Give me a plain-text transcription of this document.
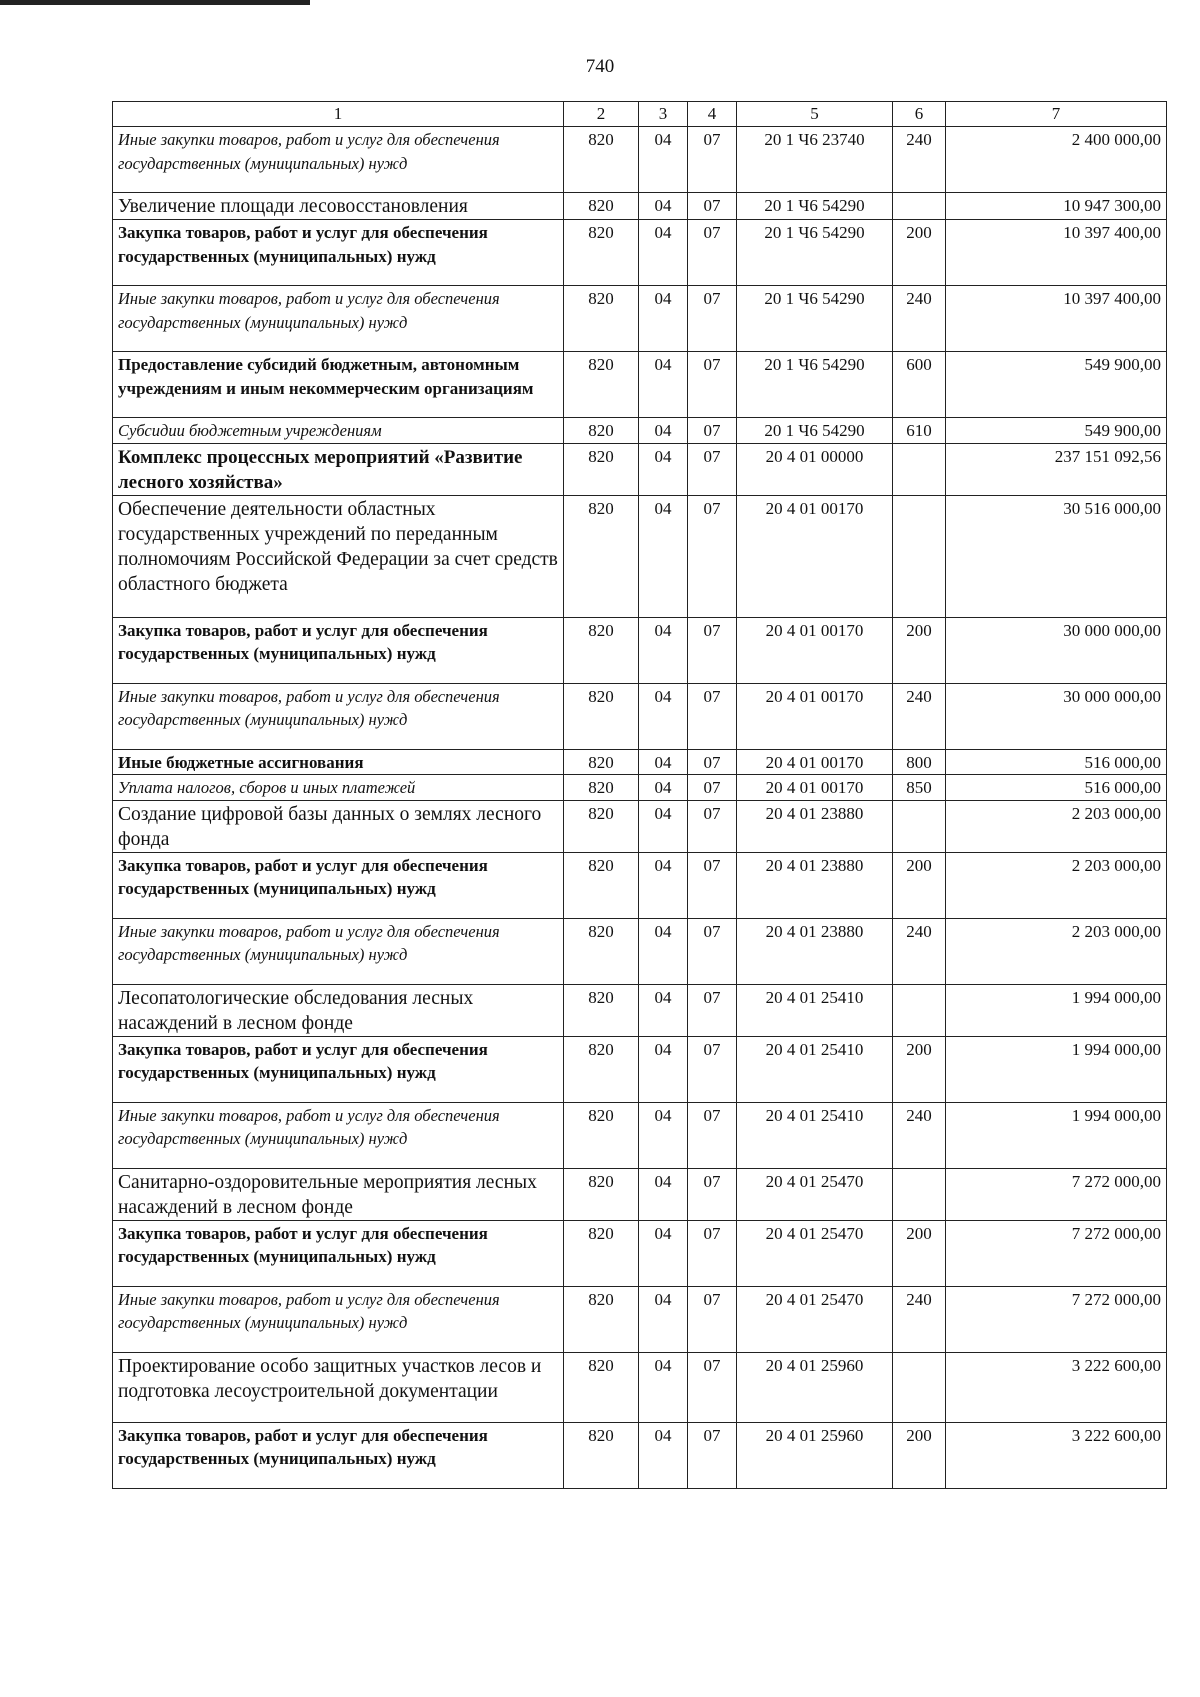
740
1	2	3	4	5	6	7
Иные закупки товаров, работ и услуг для обеспечения государственных (муниципальных) нужд	820	04	07	20 1 Ч6 23740	240	2 400 000,00
Увеличение площади лесовосстановления	820	04	07	20 1 Ч6 54290		10 947 300,00
Закупка товаров, работ и услуг для обеспечения государственных (муниципальных) нужд	820	04	07	20 1 Ч6 54290	200	10 397 400,00
Иные закупки товаров, работ и услуг для обеспечения государственных (муниципальных) нужд	820	04	07	20 1 Ч6 54290	240	10 397 400,00
Предоставление субсидий бюджетным, автономным учреждениям и иным некоммерческим организациям	820	04	07	20 1 Ч6 54290	600	549 900,00
Субсидии бюджетным учреждениям	820	04	07	20 1 Ч6 54290	610	549 900,00
Комплекс процессных мероприятий «Развитие лесного хозяйства»	820	04	07	20 4 01 00000		237 151 092,56
Обеспечение деятельности областных государственных учреждений по переданным полномочиям Российской Федерации за счет средств областного бюджета	820	04	07	20 4 01 00170		30 516 000,00
Закупка товаров, работ и услуг для обеспечения государственных (муниципальных) нужд	820	04	07	20 4 01 00170	200	30 000 000,00
Иные закупки товаров, работ и услуг для обеспечения государственных (муниципальных) нужд	820	04	07	20 4 01 00170	240	30 000 000,00
Иные бюджетные ассигнования	820	04	07	20 4 01 00170	800	516 000,00
Уплата налогов, сборов и иных платежей	820	04	07	20 4 01 00170	850	516 000,00
Создание цифровой базы данных о землях лесного фонда	820	04	07	20 4 01 23880		2 203 000,00
Закупка товаров, работ и услуг для обеспечения государственных (муниципальных) нужд	820	04	07	20 4 01 23880	200	2 203 000,00
Иные закупки товаров, работ и услуг для обеспечения государственных (муниципальных) нужд	820	04	07	20 4 01 23880	240	2 203 000,00
Лесопатологические обследования лесных насаждений в лесном фонде	820	04	07	20 4 01 25410		1 994 000,00
Закупка товаров, работ и услуг для обеспечения государственных (муниципальных) нужд	820	04	07	20 4 01 25410	200	1 994 000,00
Иные закупки товаров, работ и услуг для обеспечения государственных (муниципальных) нужд	820	04	07	20 4 01 25410	240	1 994 000,00
Санитарно-оздоровительные мероприятия лесных насаждений в лесном фонде	820	04	07	20 4 01 25470		7 272 000,00
Закупка товаров, работ и услуг для обеспечения государственных (муниципальных) нужд	820	04	07	20 4 01 25470	200	7 272 000,00
Иные закупки товаров, работ и услуг для обеспечения государственных (муниципальных) нужд	820	04	07	20 4 01 25470	240	7 272 000,00
Проектирование особо защитных участков лесов и подготовка лесоустроительной документации	820	04	07	20 4 01 25960		3 222 600,00
Закупка товаров, работ и услуг для обеспечения государственных (муниципальных) нужд	820	04	07	20 4 01 25960	200	3 222 600,00
